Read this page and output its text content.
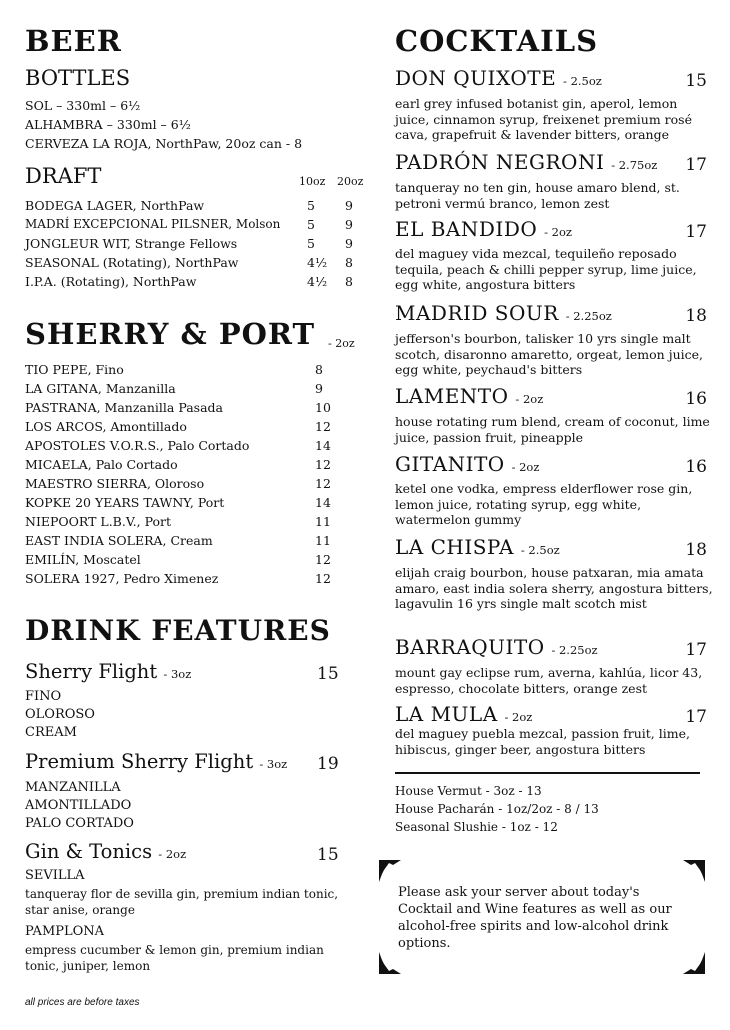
BEER
BOTTLES
SOL – 330ml – 6½
ALHAMBRA – 330ml – 6½
CERVEZA LA ROJA, NorthPaw, 20oz can - 8
DRAFT	10oz 20oz
BODEGA LAGER, NorthPaw	5 9
MADRÍ EXCEPCIONAL PILSNER, Molson 5 9
JONGLEUR WIT, Strange Fellows	5 9
SEASONAL (Rotating), NorthPaw	4½ 8
I.P.A. (Rotating), NorthPaw	4½ 8
SHERRY & PORT - 2oz
TIO PEPE, Fino	8
LA GITANA, Manzanilla	9
PASTRANA, Manzanilla Pasada	10
LOS ARCOS, Amontillado	12
APOSTOLES V.O.R.S., Palo Cortado	14
MICAELA, Palo Cortado	12
MAESTRO SIERRA, Oloroso	12
KOPKE 20 YEARS TAWNY, Port	14
NIEPOORT L.B.V., Port	11
EAST INDIA SOLERA, Cream	11
EMILÍN, Moscatel	12
SOLERA 1927, Pedro Ximenez	12
DRINK FEATURES
Sherry Flight - 3oz	15
FINO
OLOROSO
CREAM
Premium Sherry Flight - 3oz 19
MANZANILLA
AMONTILLADO
PALO CORTADO
Gin & Tonics - 2oz	15
SEVILLA
tanqueray flor de sevilla gin, premium indian tonic, star anise, orange
PAMPLONA
empress cucumber & lemon gin, premium indian tonic, juniper, lemon
all prices are before taxes
COCKTAILS
DON QUIXOTE - 2.5oz	15
earl grey infused botanist gin, aperol, lemon juice, cinnamon syrup, freixenet premium rosé cava, grapefruit & lavender bitters, orange
PADRÓN NEGRONI - 2.75oz 17
tanqueray no ten gin, house amaro blend, st. petroni vermú branco, lemon zest
EL BANDIDO - 2oz	17
del maguey vida mezcal, tequileño reposado tequila, peach & chilli pepper syrup, lime juice, egg white, angostura bitters
MADRID SOUR - 2.25oz	18
jefferson's bourbon, talisker 10 yrs single malt scotch, disaronno amaretto, orgeat, lemon juice, egg white, peychaud's bitters
LAMENTO - 2oz	16
house rotating rum blend, cream of coconut, lime juice, passion fruit, pineapple
GITANITO - 2oz	16
ketel one vodka, empress elderflower rose gin, lemon juice, rotating syrup, egg white, watermelon gummy
LA CHISPA - 2.5oz	18
elijah craig bourbon, house patxaran, mia amata amaro, east india solera sherry, angostura bitters, lagavulin 16 yrs single malt scotch mist
BARRAQUITO - 2.25oz	17
mount gay eclipse rum, averna, kahlúa, licor 43, espresso, chocolate bitters, orange zest
LA MULA - 2oz	17
del maguey puebla mezcal, passion fruit, lime, hibiscus, ginger beer, angostura bitters
House Vermut - 3oz - 13
House Pacharán - 1oz/2oz - 8 / 13
Seasonal Slushie - 1oz - 12
Please ask your server about today's Cocktail and Wine features as well as our alcohol-free spirits and low-alcohol drink options.
